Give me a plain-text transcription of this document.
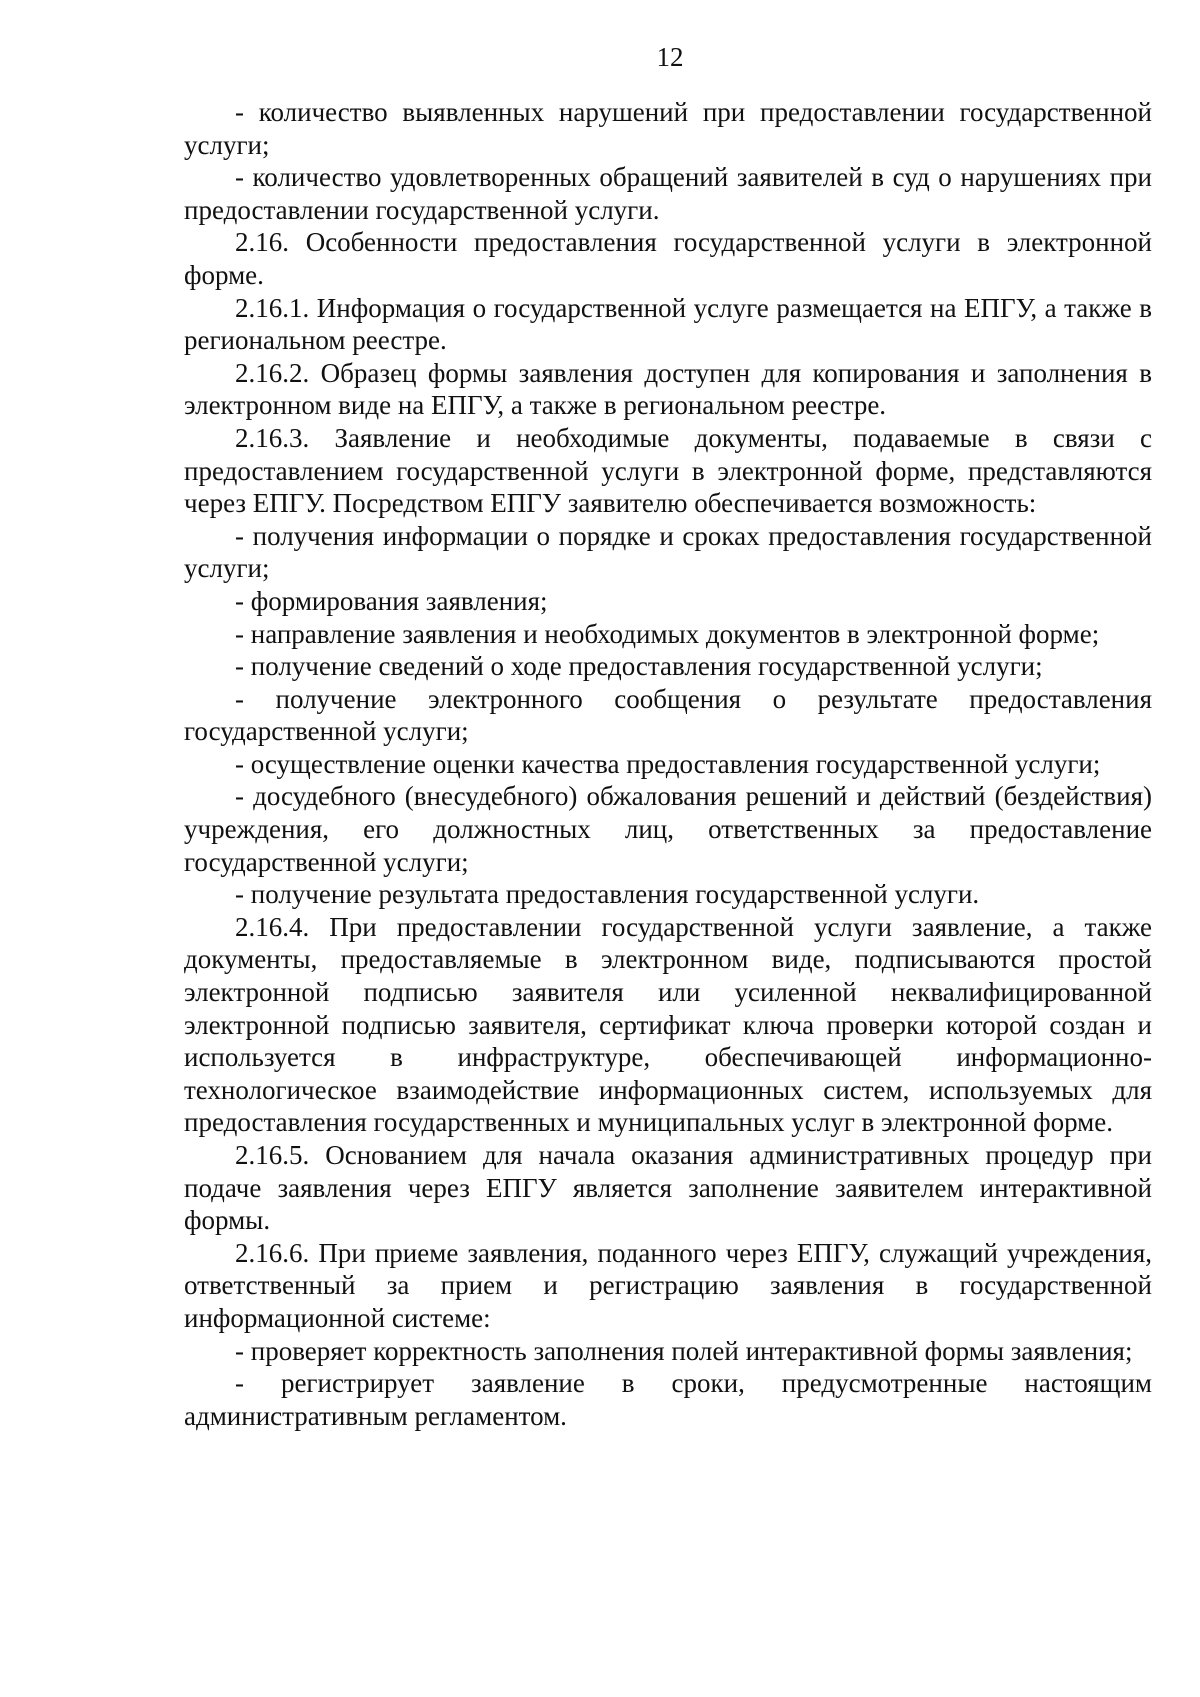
12

- количество выявленных нарушений при предоставлении государственной услуги;

- количество удовлетворенных обращений заявителей в суд о нарушениях при предоставлении государственной услуги.

2.16. Особенности предоставления государственной услуги в электронной форме.

2.16.1. Информация о государственной услуге размещается на ЕПГУ, а также в региональном реестре.

2.16.2. Образец формы заявления доступен для копирования и заполнения в электронном виде на ЕПГУ, а также в региональном реестре.

2.16.3. Заявление и необходимые документы, подаваемые в связи с предоставлением государственной услуги в электронной форме, представляются через ЕПГУ. Посредством ЕПГУ заявителю обеспечивается возможность:

- получения информации о порядке и сроках предоставления государственной услуги;

- формирования заявления;

- направление заявления и необходимых документов в электронной форме;

- получение сведений о ходе предоставления государственной услуги;

- получение электронного сообщения о результате предоставления государственной услуги;

- осуществление оценки качества предоставления государственной услуги;

- досудебного (внесудебного) обжалования решений и действий (бездействия) учреждения, его должностных лиц, ответственных за предоставление государственной услуги;

- получение результата предоставления государственной услуги.

2.16.4. При предоставлении государственной услуги заявление, а также документы, предоставляемые в электронном виде, подписываются простой электронной подписью заявителя или усиленной неквалифицированной электронной подписью заявителя, сертификат ключа проверки которой создан и используется в инфраструктуре, обеспечивающей информационно-технологическое взаимодействие информационных систем, используемых для предоставления государственных и муниципальных услуг в электронной форме.

2.16.5. Основанием для начала оказания административных процедур при подаче заявления через ЕПГУ является заполнение заявителем интерактивной формы.

2.16.6. При приеме заявления, поданного через ЕПГУ, служащий учреждения, ответственный за прием и регистрацию заявления в государственной информационной системе:

- проверяет корректность заполнения полей интерактивной формы заявления;

- регистрирует заявление в сроки, предусмотренные настоящим административным регламентом.
